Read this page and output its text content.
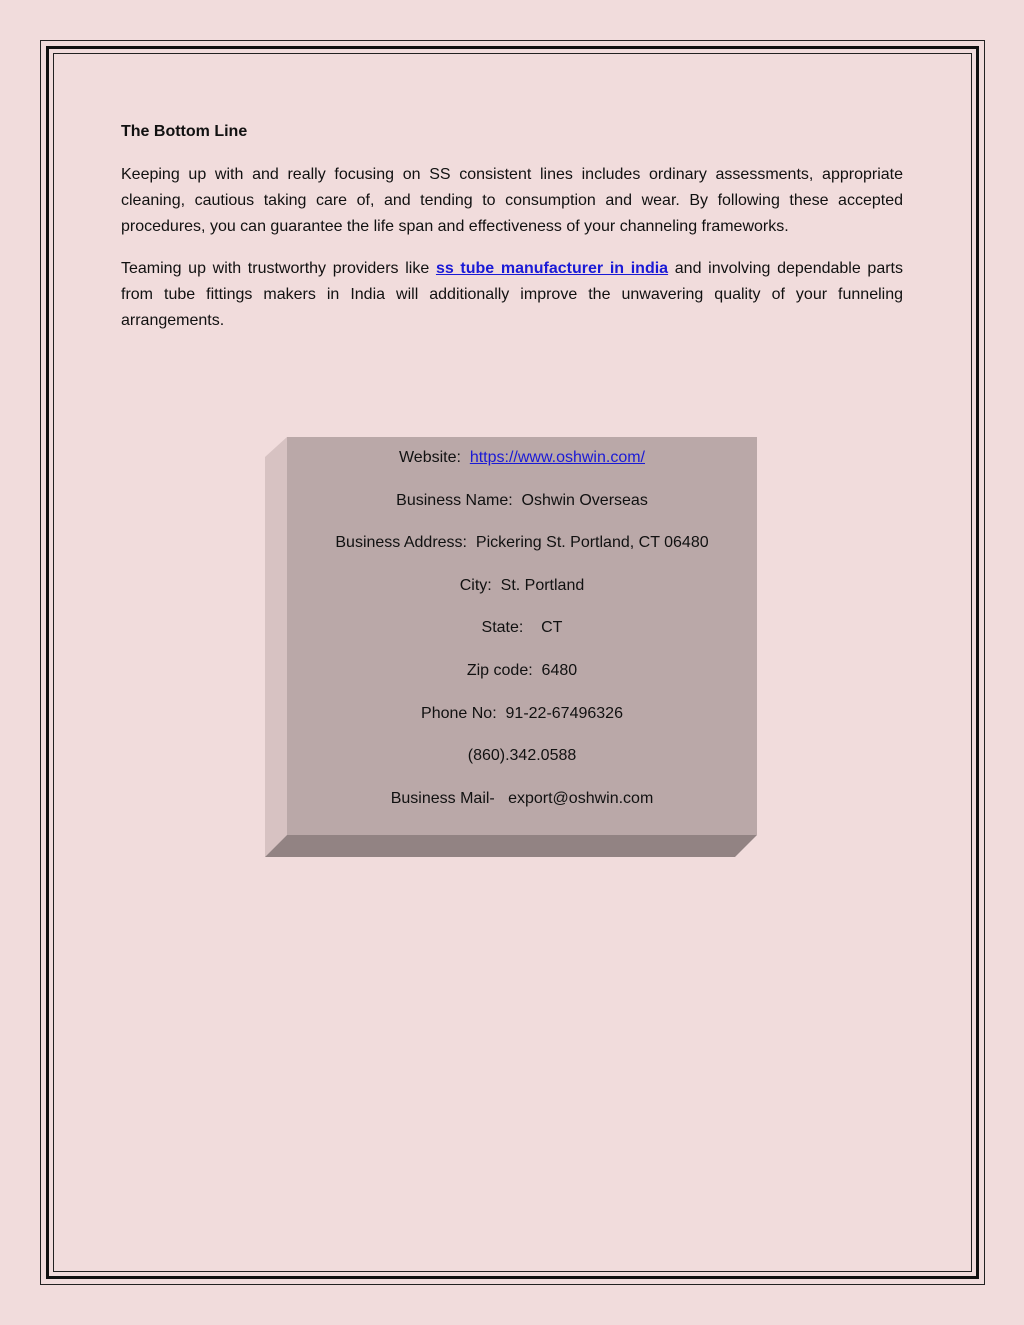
The Bottom Line

Keeping up with and really focusing on SS consistent lines includes ordinary assessments, appropriate cleaning, cautious taking care of, and tending to consumption and wear. By following these accepted procedures, you can guarantee the life span and effectiveness of your channeling frameworks.

Teaming up with trustworthy providers like ss tube manufacturer in india and involving dependable parts from tube fittings makers in India will additionally improve the unwavering quality of your funneling arrangements.

Website:  https://www.oshwin.com/
Business Name:  Oshwin Overseas
Business Address:  Pickering St. Portland, CT 06480
City:  St. Portland
State:    CT
Zip code:  6480
Phone No:  91-22-67496326
(860).342.0588
Business Mail-   export@oshwin.com
